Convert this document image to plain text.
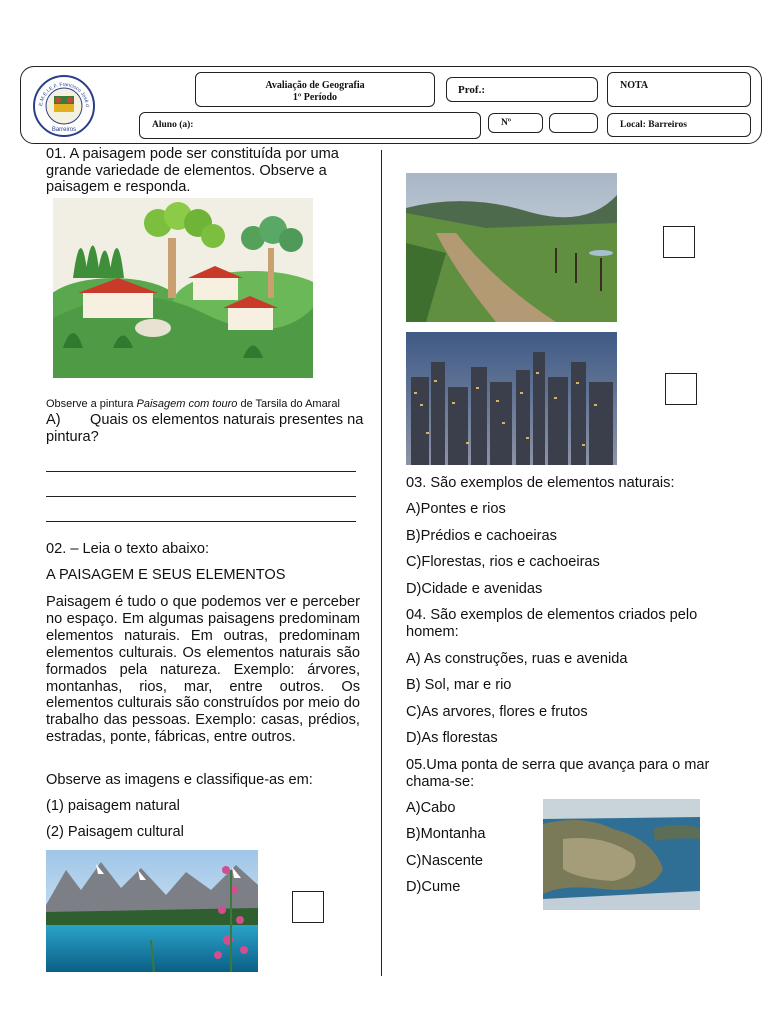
E.M.E.I.E.F. Francisco José d
Barreiros
Avaliação de Geografia
1º Período
Prof.:	NOTA
Aluno (a):	Nº	Local: Barreiros
01. A paisagem pode ser constituída por uma grande variedade de elementos. Observe a paisagem e responda.
Observe a pintura Paisagem com touro de Tarsila do Amaral
A) Quais os elementos naturais presentes na pintura?
02. – Leia o texto abaixo:
A PAISAGEM E SEUS ELEMENTOS
Paisagem é tudo o que podemos ver e perceber no espaço. Em algumas paisagens predominam elementos naturais. Em outras, predominam elementos culturais. Os elementos naturais são formados pela natureza. Exemplo: árvores, montanhas, rios, mar, entre outros. Os elementos culturais são construídos por meio do trabalho das pessoas. Exemplo: casas, prédios, estradas, ponte, fábricas, entre outros.
Observe as imagens e classifique-as em:
(1) paisagem natural
(2) Paisagem cultural
03. São exemplos de elementos naturais:
A)Pontes e rios
B)Prédios e cachoeiras
C)Florestas, rios e cachoeiras
D)Cidade e avenidas
04. São exemplos de elementos criados pelo homem:
A) As construções, ruas e avenida
B) Sol, mar e rio
C)As arvores, flores e frutos
D)As florestas
05.Uma ponta de serra que avança para o mar chama-se:
A)Cabo
B)Montanha
C)Nascente
D)Cume
